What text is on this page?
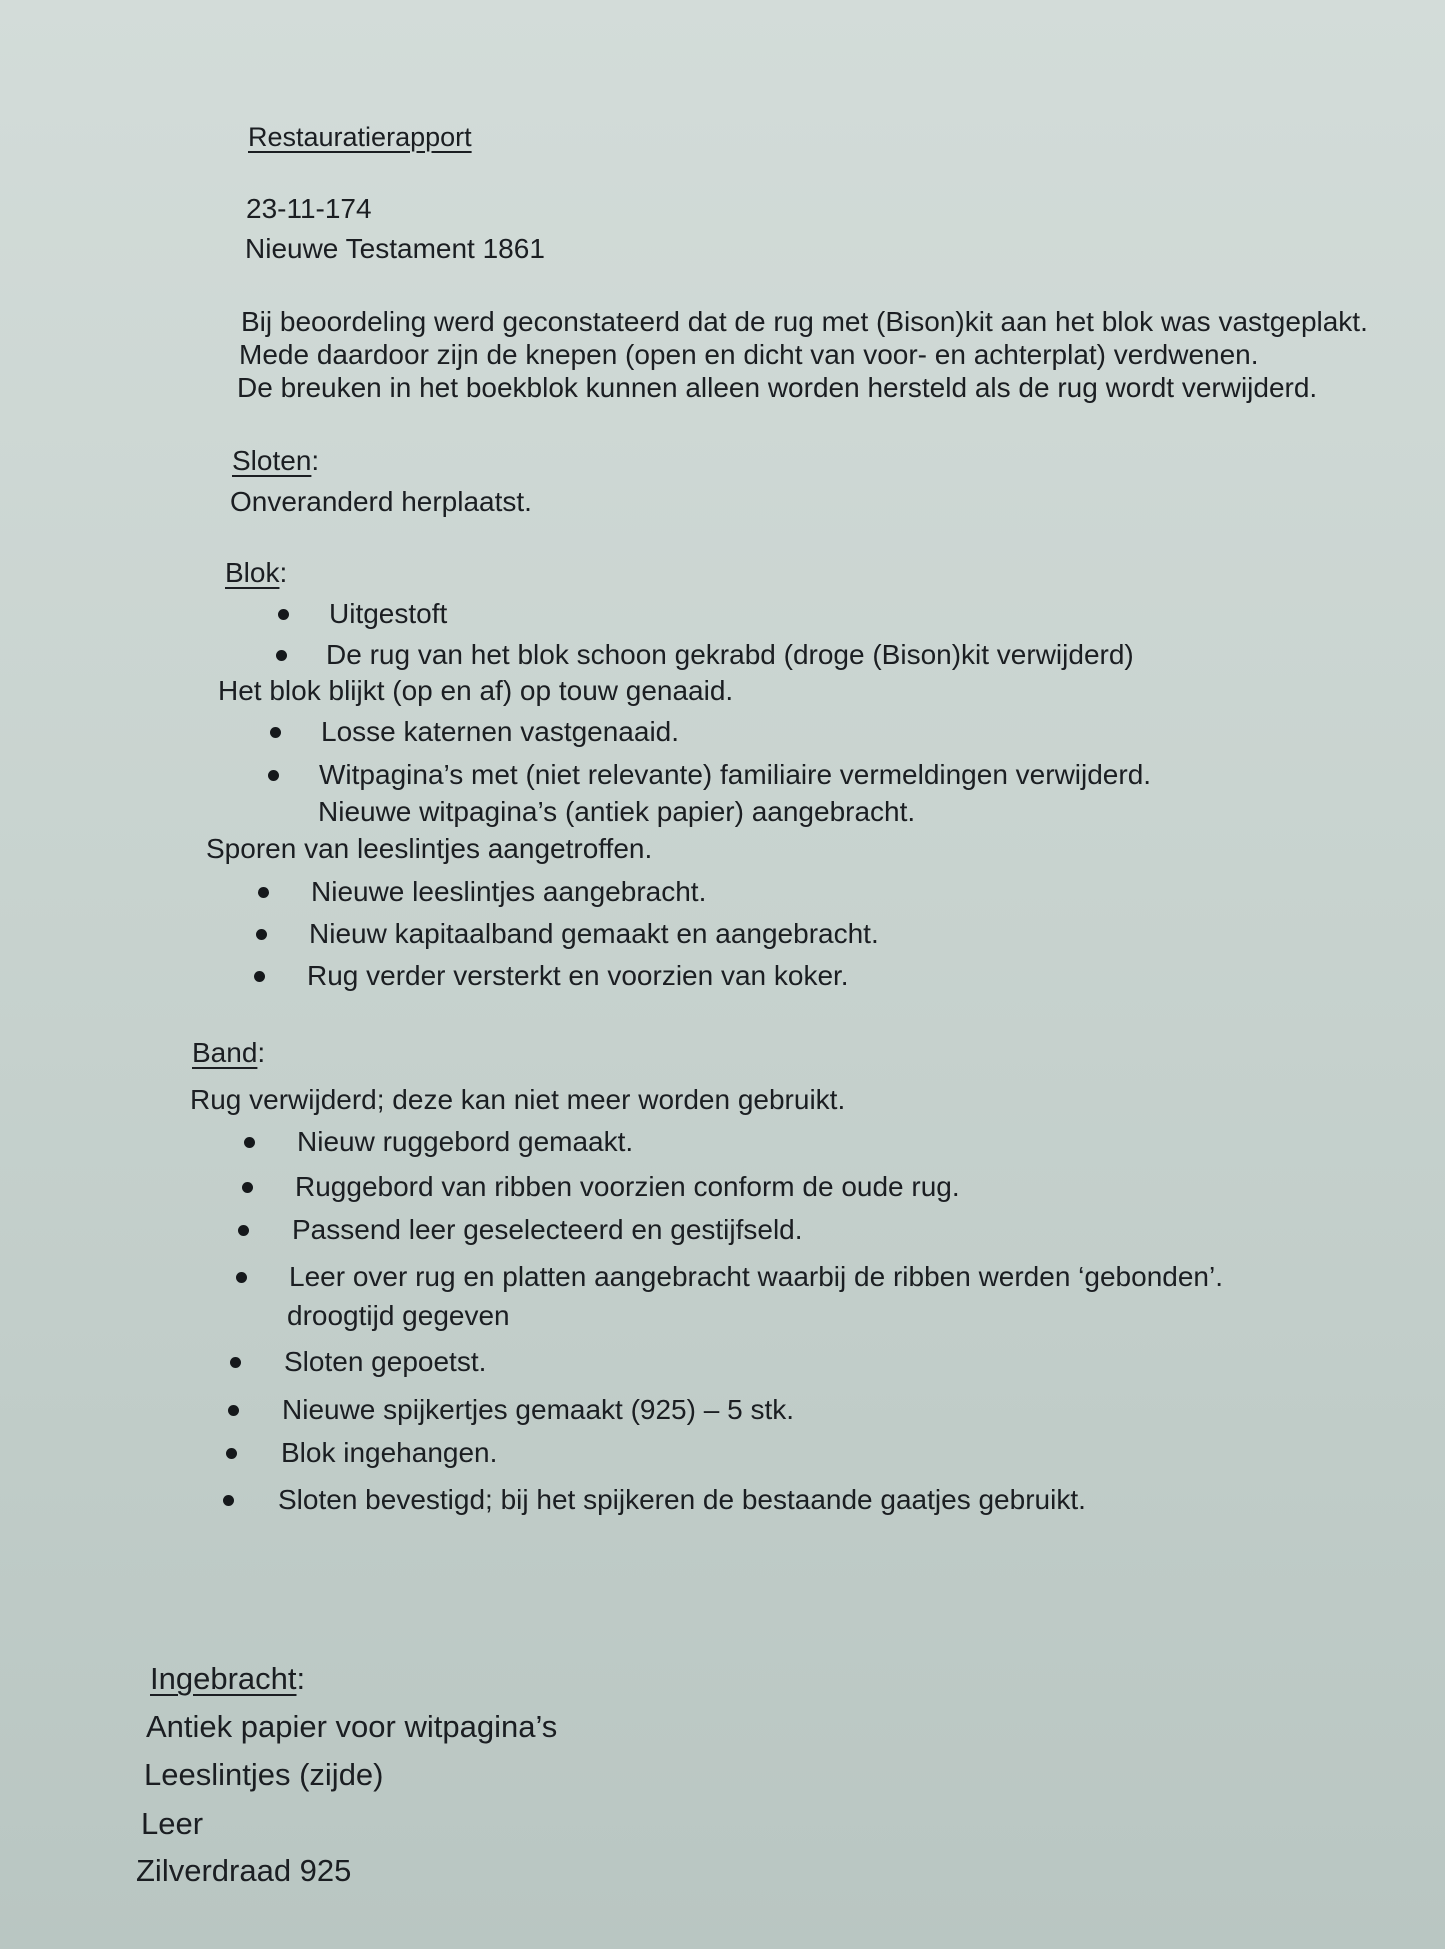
Restauratierapport
23-11-174
Nieuwe Testament 1861
Bij beoordeling werd geconstateerd dat de rug met (Bison)kit aan het blok was vastgeplakt.
Mede daardoor zijn de knepen (open en dicht van voor- en achterplat) verdwenen.
De breuken in het boekblok kunnen alleen worden hersteld als de rug wordt verwijderd.
Sloten:
Onveranderd herplaatst.
Blok:
Uitgestoft
De rug van het blok schoon gekrabd (droge (Bison)kit verwijderd)
Het blok blijkt (op en af) op touw genaaid.
Losse katernen vastgenaaid.
Witpagina’s met (niet relevante) familiaire vermeldingen verwijderd.
Nieuwe witpagina’s (antiek papier) aangebracht.
Sporen van leeslintjes aangetroffen.
Nieuwe leeslintjes aangebracht.
Nieuw kapitaalband gemaakt en aangebracht.
Rug verder versterkt en voorzien van koker.
Band:
Rug verwijderd; deze kan niet meer worden gebruikt.
Nieuw ruggebord gemaakt.
Ruggebord van ribben voorzien conform de oude rug.
Passend leer geselecteerd en gestijfseld.
Leer over rug en platten aangebracht waarbij de ribben werden ‘gebonden’.
droogtijd gegeven
Sloten gepoetst.
Nieuwe spijkertjes gemaakt (925) – 5 stk.
Blok ingehangen.
Sloten bevestigd; bij het spijkeren de bestaande gaatjes gebruikt.
Ingebracht:
Antiek papier voor witpagina’s
Leeslintjes (zijde)
Leer
Zilverdraad 925
